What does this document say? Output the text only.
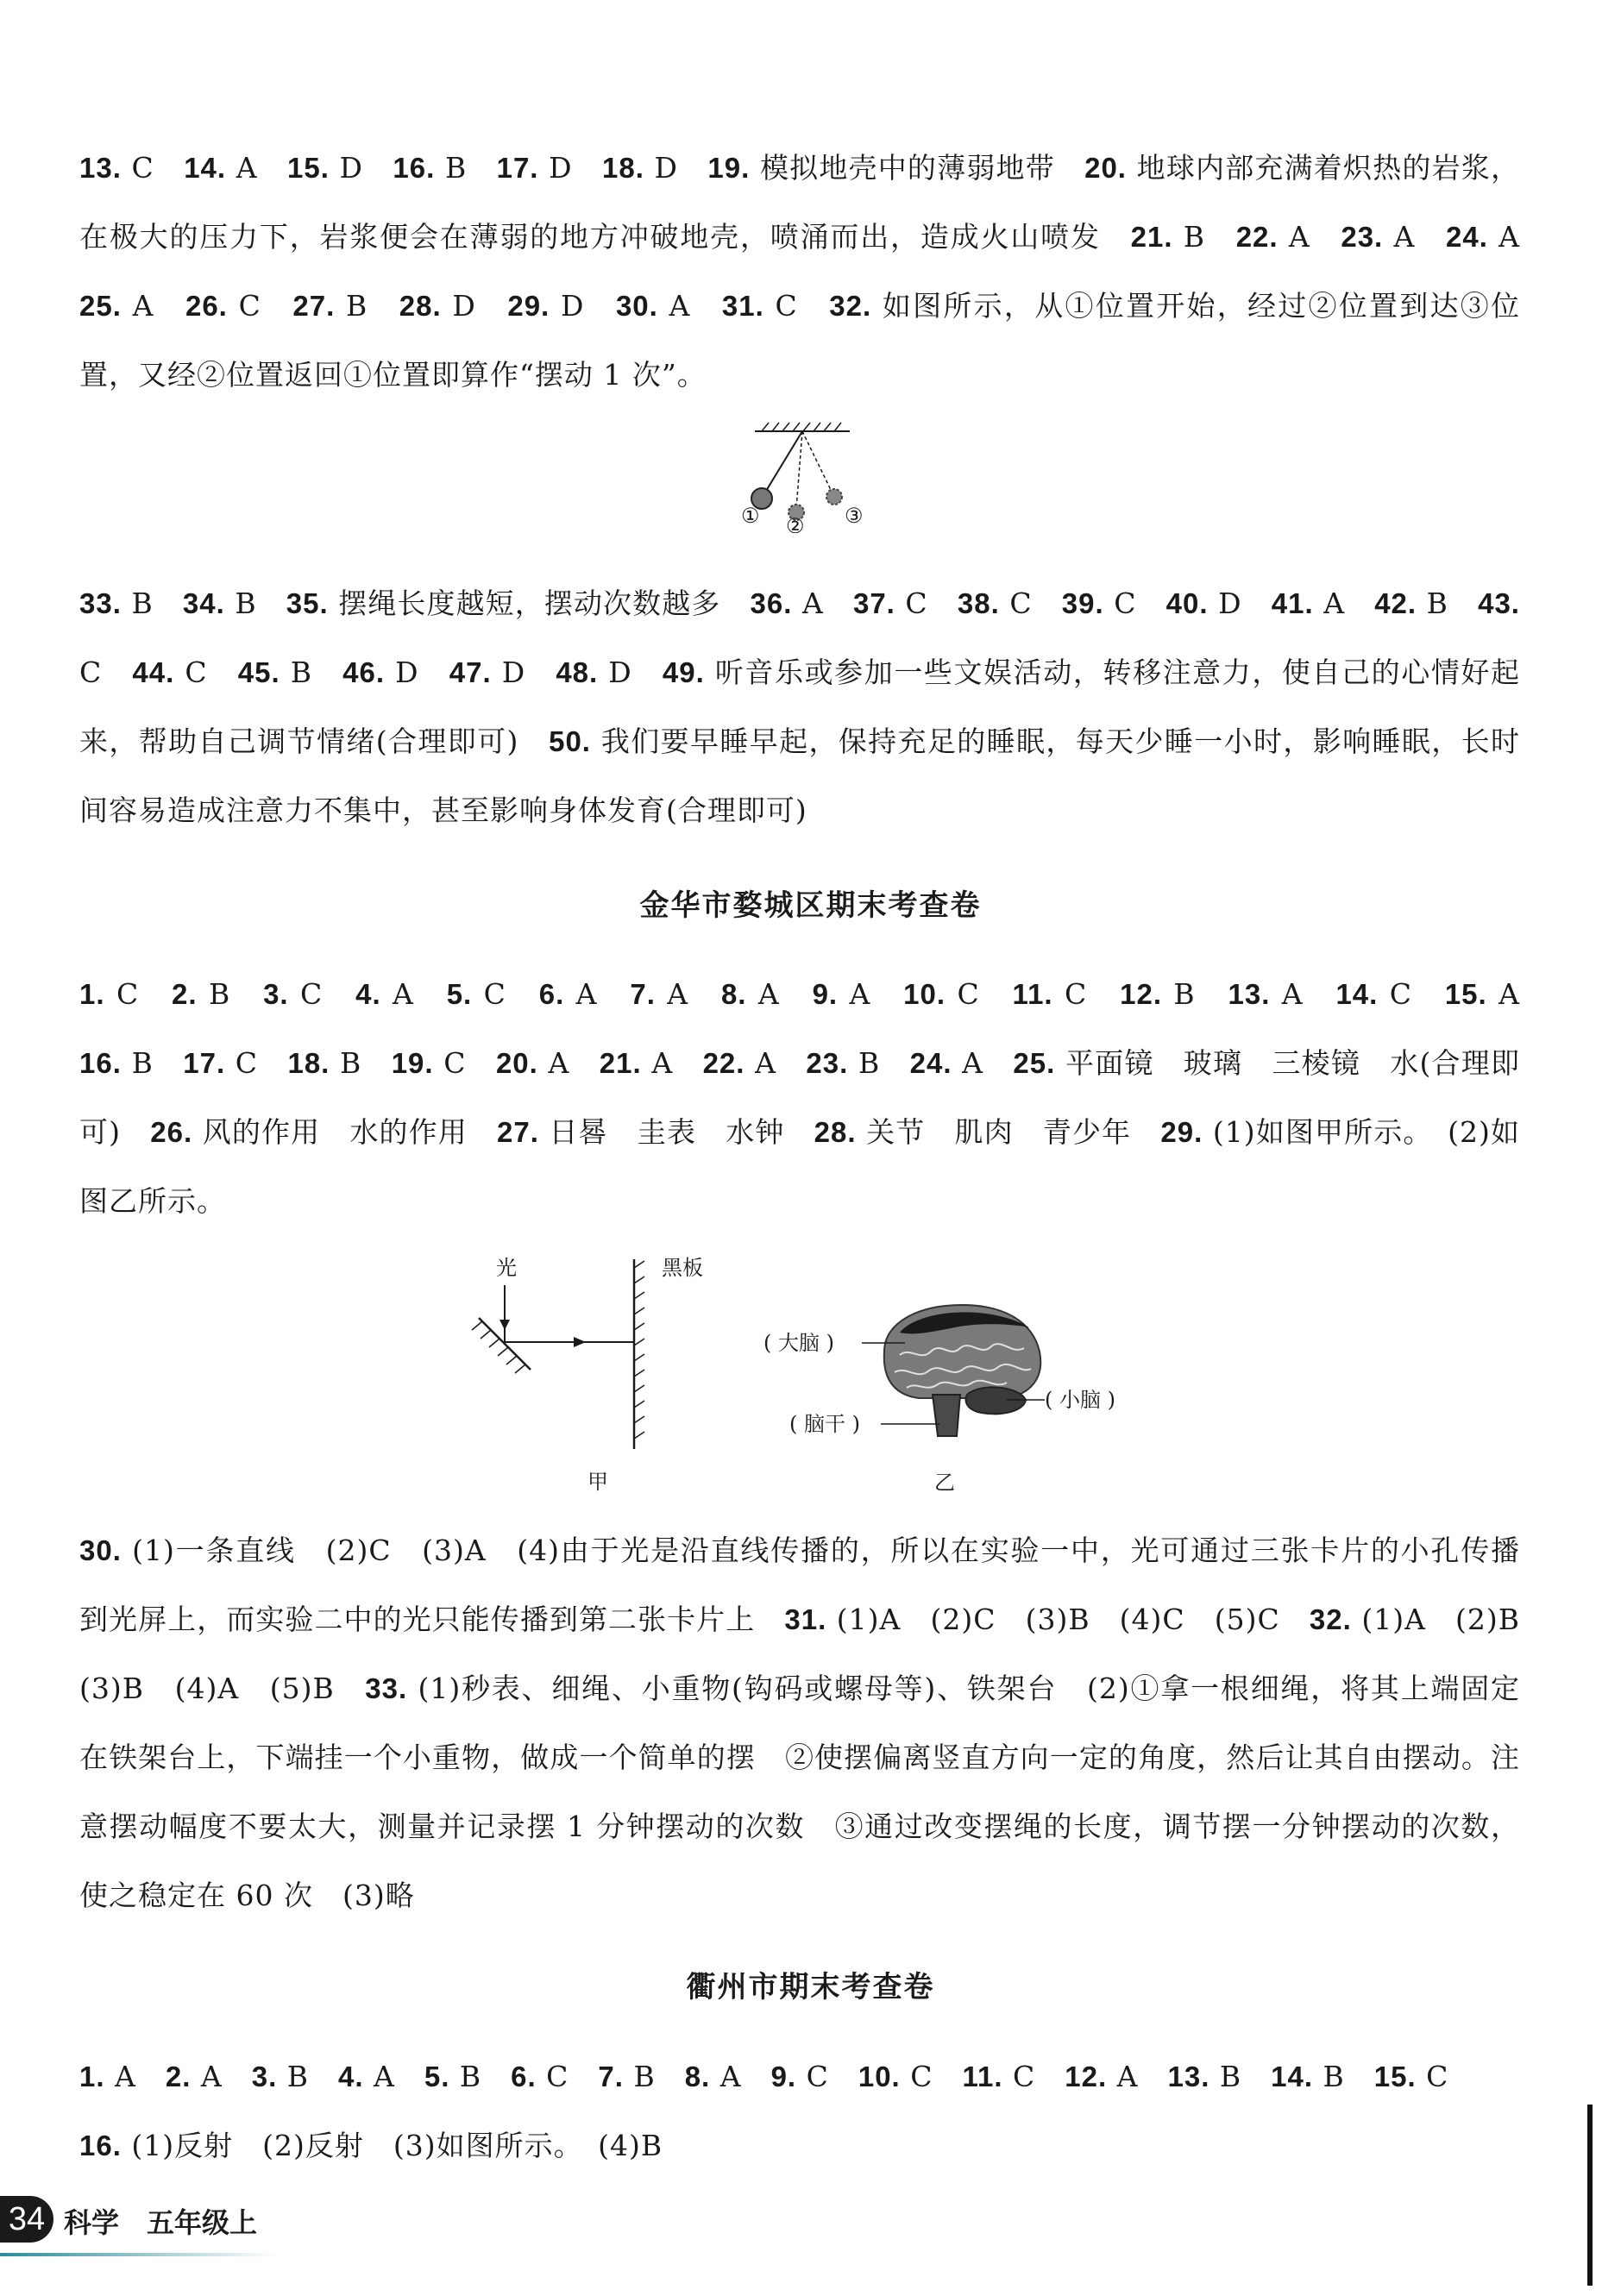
13. C　14. A　15. D　16. B　17. D　18. D　19. 模拟地壳中的薄弱地带　20. 地球内部充满着炽热的岩浆，在极大的压力下，岩浆便会在薄弱的地方冲破地壳，喷涌而出，造成火山喷发　21. B　22. A　23. A　24. A　25. A　26. C　27. B　28. D　29. D　30. A　31. C　32. 如图所示，从①位置开始，经过②位置到达③位置，又经②位置返回①位置即算作“摆动 1 次”。

① ② ③

33. B　34. B　35. 摆绳长度越短，摆动次数越多　36. A　37. C　38. C　39. C　40. D　41. A　42. B　43. C　44. C　45. B　46. D　47. D　48. D　49. 听音乐或参加一些文娱活动，转移注意力，使自己的心情好起来，帮助自己调节情绪(合理即可)　50. 我们要早睡早起，保持充足的睡眠，每天少睡一小时，影响睡眠，长时间容易造成注意力不集中，甚至影响身体发育(合理即可)

金华市婺城区期末考查卷

1. C　2. B　3. C　4. A　5. C　6. A　7. A　8. A　9. A　10. C　11. C　12. B　13. A　14. C　15. A　16. B　17. C　18. B　19. C　20. A　21. A　22. A　23. B　24. A　25. 平面镜　玻璃　三棱镜　水(合理即可)　26. 风的作用　水的作用　27. 日晷　圭表　水钟　28. 关节　肌肉　青少年　29. (1)如图甲所示。　(2)如图乙所示。

光	黑板
甲
( 大脑 )
( 小脑 )
( 脑干 )
乙

30. (1)一条直线　(2)C　(3)A　(4)由于光是沿直线传播的，所以在实验一中，光可通过三张卡片的小孔传播到光屏上，而实验二中的光只能传播到第二张卡片上　31. (1)A　(2)C　(3)B　(4)C　(5)C　32. (1)A　(2)B　(3)B　(4)A　(5)B　33. (1)秒表、细绳、小重物(钩码或螺母等)、铁架台　(2)①拿一根细绳，将其上端固定在铁架台上，下端挂一个小重物，做成一个简单的摆　②使摆偏离竖直方向一定的角度，然后让其自由摆动。注意摆动幅度不要太大，测量并记录摆 1 分钟摆动的次数　③通过改变摆绳的长度，调节摆一分钟摆动的次数，使之稳定在 60 次　(3)略

衢州市期末考查卷

1. A　2. A　3. B　4. A　5. B　6. C　7. B　8. A　9. C　10. C　11. C　12. A　13. B　14. B　15. C

16. (1)反射　(2)反射　(3)如图所示。　(4)B

34 科学　五年级上
